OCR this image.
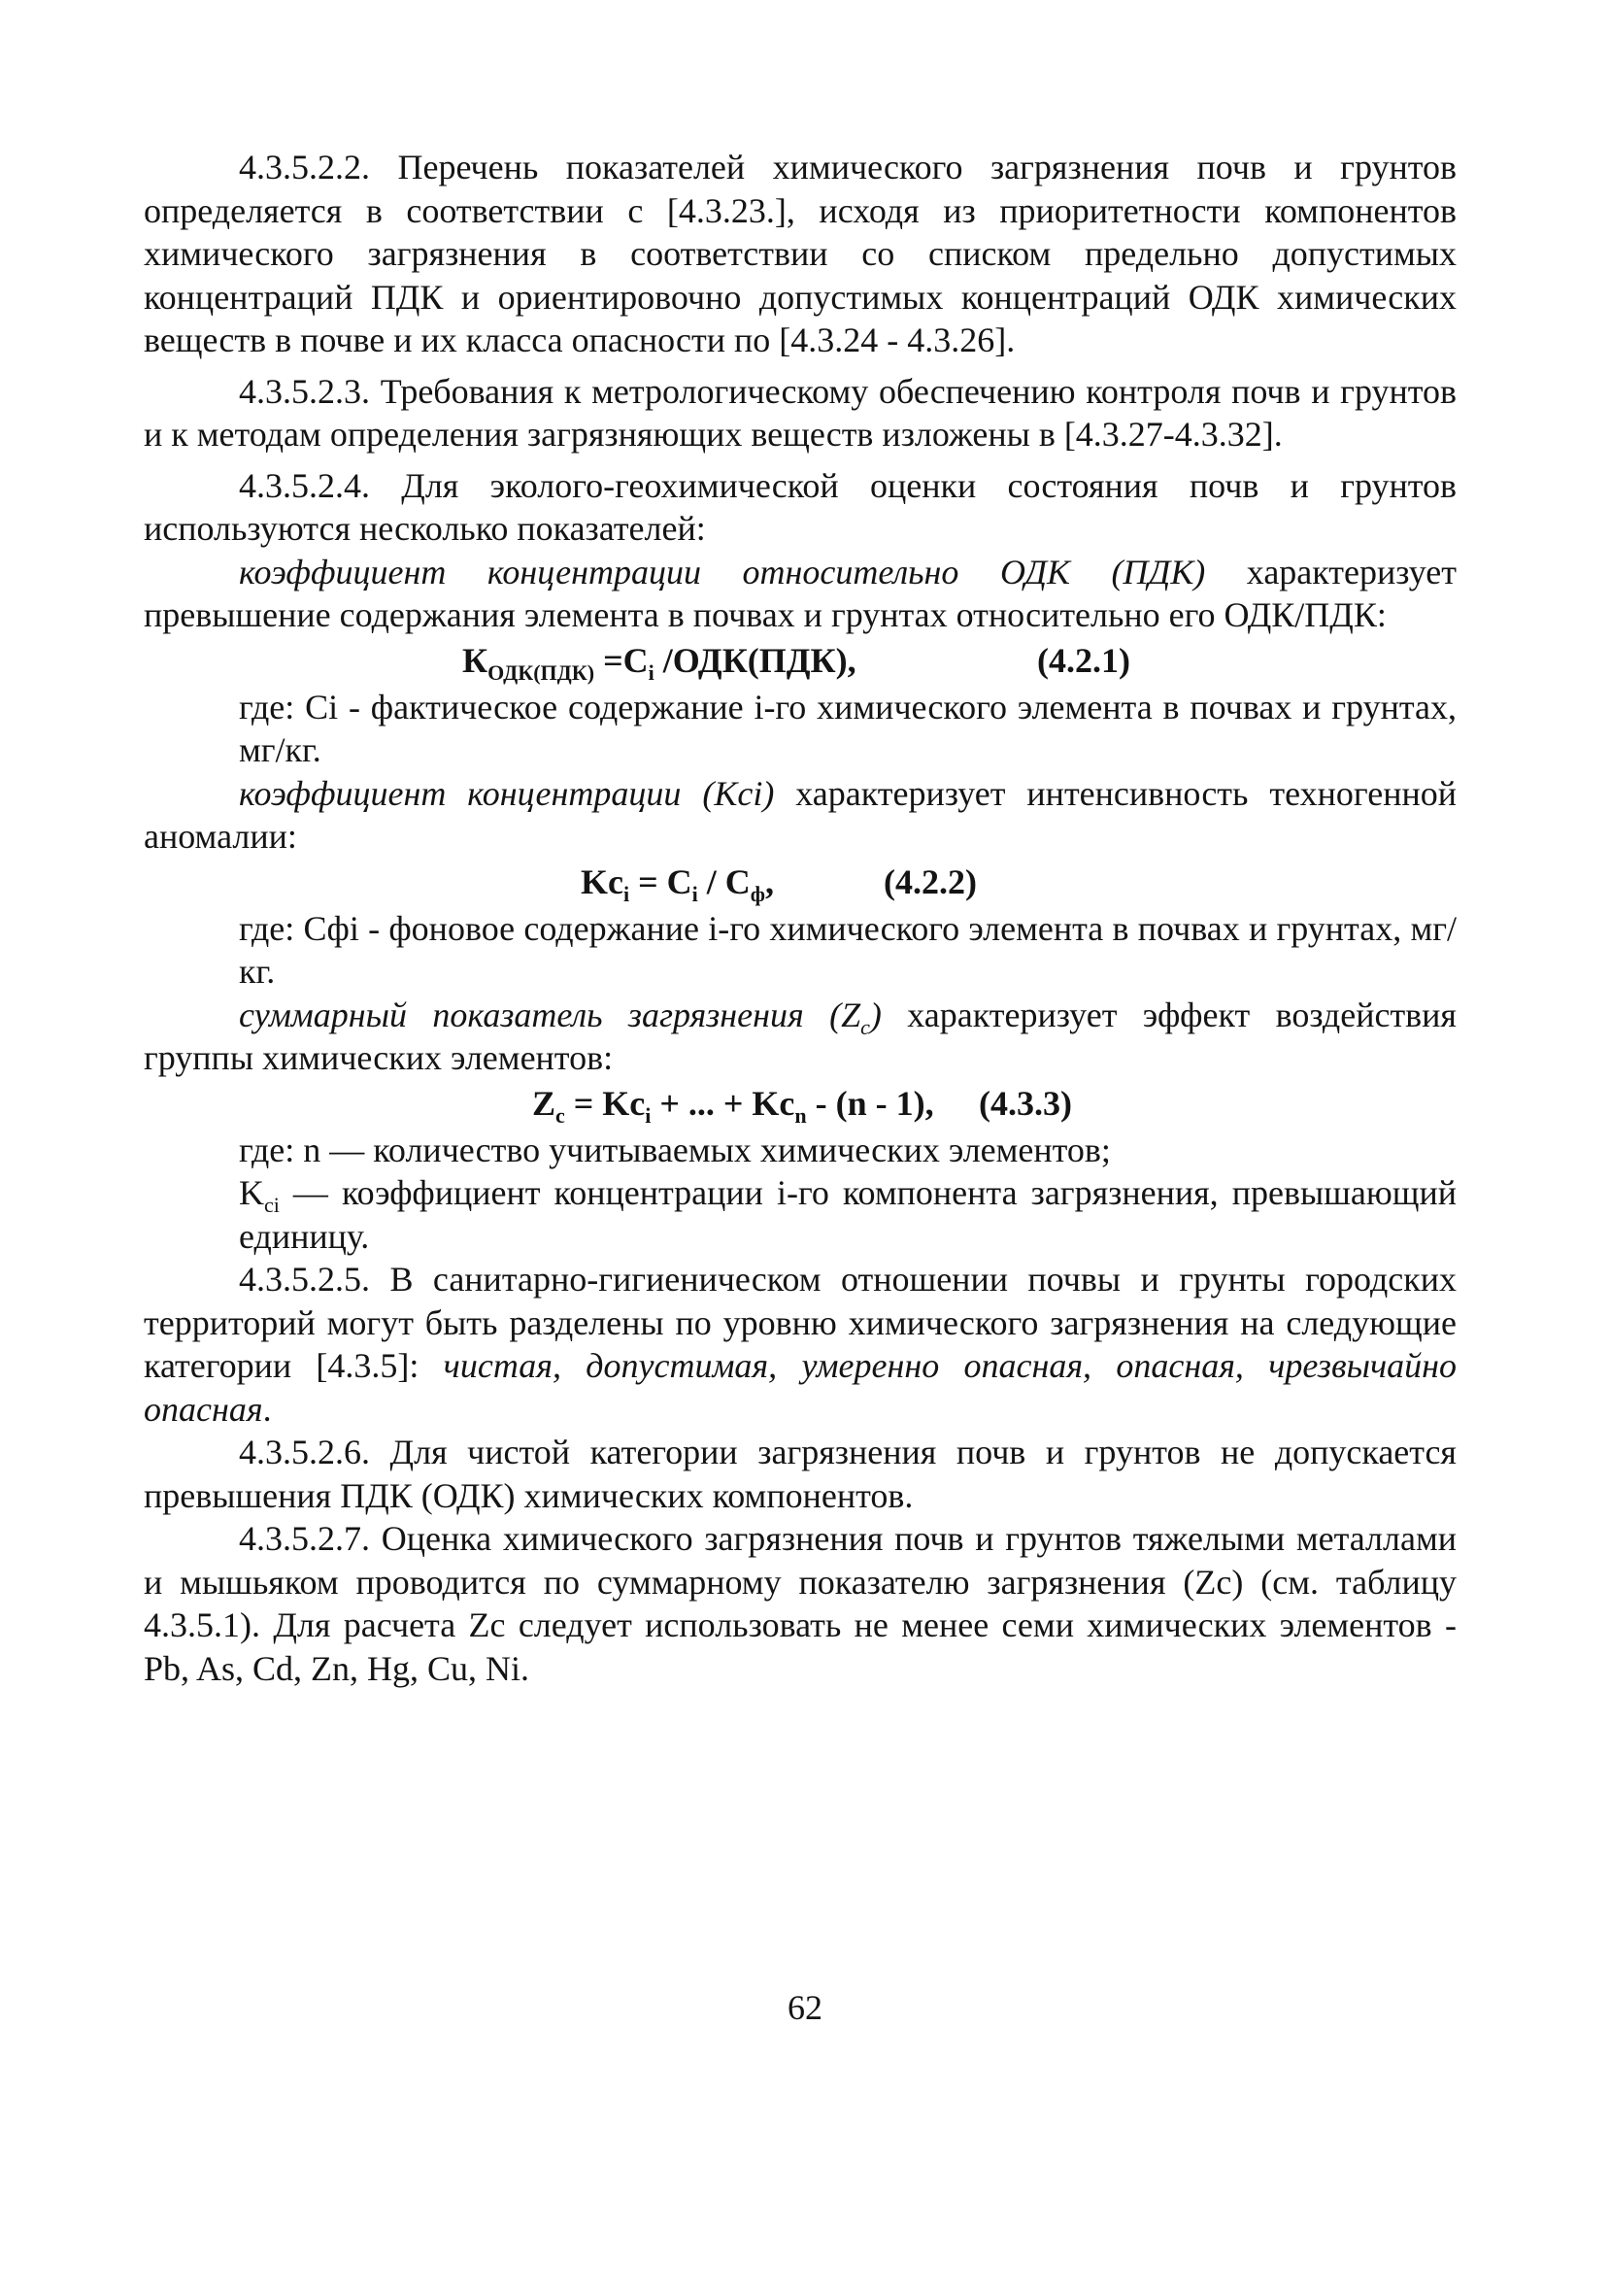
4.3.5.2.2. Перечень показателей химического загрязнения почв и грунтов определяется в соответствии с [4.3.23.], исходя из приоритетности компонентов химического загрязнения в соответствии со списком предельно допустимых концентраций ПДК и ориентировочно допустимых концентраций ОДК химических веществ в почве и их класса опасности по [4.3.24 - 4.3.26].

4.3.5.2.3. Требования к метрологическому обеспечению контроля почв и грунтов и к методам определения загрязняющих веществ изложены в [4.3.27-4.3.32].

4.3.5.2.4. Для эколого-геохимической оценки состояния почв и грунтов используются несколько показателей:

коэффициент концентрации относительно ОДК (ПДК) характеризует превышение содержания элемента в почвах и грунтах относительно его ОДК/ПДК:

$К_{ОДК(ПДК)} =C_i$ /ОДК(ПДК),	(4.2.1)

где: Ci - фактическое содержание i-го химического элемента в почвах и грунтах, мг/кг.

коэффициент концентрации (Kci) характеризует интенсивность техногенной аномалии:

$Kc_i = C_i / C_ф$,	(4.2.2)

где: Cфi - фоновое содержание i-го химического элемента в почвах и грунтах, мг/кг.

суммарный показатель загрязнения $(Z_c)$ характеризует эффект воздействия группы химических элементов:

$Z_c = Kc_i$ + ... + $Kc_n - (n - 1)$, (4.3.3)

где: n — количество учитываемых химических элементов;

$K_{ci}$ — коэффициент концентрации i-го компонента загрязнения, превышающий единицу.

4.3.5.2.5. В санитарно-гигиеническом отношении почвы и грунты городских территорий могут быть разделены по уровню химического загрязнения на следующие категории [4.3.5]: чистая, допустимая, умеренно опасная, опасная, чрезвычайно опасная.

4.3.5.2.6. Для чистой категории загрязнения почв и грунтов не допускается превышения ПДК (ОДК) химических компонентов.

4.3.5.2.7. Оценка химического загрязнения почв и грунтов тяжелыми металлами и мышьяком проводится по суммарному показателю загрязнения (Zc) (см. таблицу 4.3.5.1). Для расчета Zc следует использовать не менее семи химических элементов - Pb, As, Cd, Zn, Hg, Cu, Ni.

62
